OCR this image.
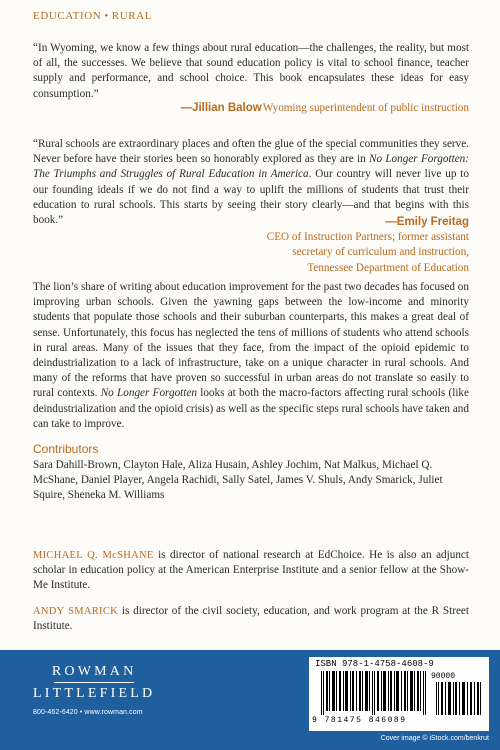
EDUCATION • RURAL
“In Wyoming, we know a few things about rural education—the challenges, the reality, but most of all, the successes. We believe that sound education policy is vital to school finance, teacher supply and performance, and school choice. This book encapsulates these ideas for easy consumption.”
—Jillian Balow Wyoming superintendent of public instruction
“Rural schools are extraordinary places and often the glue of the special communities they serve. Never before have their stories been so honorably explored as they are in No Longer Forgotten: The Triumphs and Struggles of Rural Education in America. Our country will never live up to our founding ideals if we do not find a way to uplift the millions of students that trust their education to rural schools. This starts by seeing their story clearly—and that begins with this book.”	—Emily Freitag
CEO of Instruction Partners; former assistant secretary of curriculum and instruction, Tennessee Department of Education
The lion’s share of writing about education improvement for the past two decades has focused on improving urban schools. Given the yawning gaps between the low-income and minority students that populate those schools and their suburban counterparts, this makes a great deal of sense. Unfortunately, this focus has neglected the tens of millions of students who attend schools in rural areas. Many of the issues that they face, from the impact of the opioid epidemic to deindustrialization to a lack of infrastructure, take on a unique character in rural schools. And many of the reforms that have proven so successful in urban areas do not translate so easily to rural contexts. No Longer Forgotten looks at both the macro-factors affecting rural schools (like deindustrialization and the opioid crisis) as well as the specific steps rural schools have taken and can take to improve.
Contributors
Sara Dahill-Brown, Clayton Hale, Aliza Husain, Ashley Jochim, Nat Malkus, Michael Q. McShane, Daniel Player, Angela Rachidi, Sally Satel, James V. Shuls, Andy Smarick, Juliet Squire, Sheneka M. Williams
MICHAEL Q. McSHANE is director of national research at EdChoice. He is also an adjunct scholar in education policy at the American Enterprise Institute and a senior fellow at the Show-Me Institute.
ANDY SMARICK is director of the civil society, education, and work program at the R Street Institute.
ROWMAN
LITTLEFIELD
800-462-6420 • www.rowman.com
ISBN 978-1-4758-4608-9
90000
9 781475 846089
Cover image © iStock.com/benkrut
